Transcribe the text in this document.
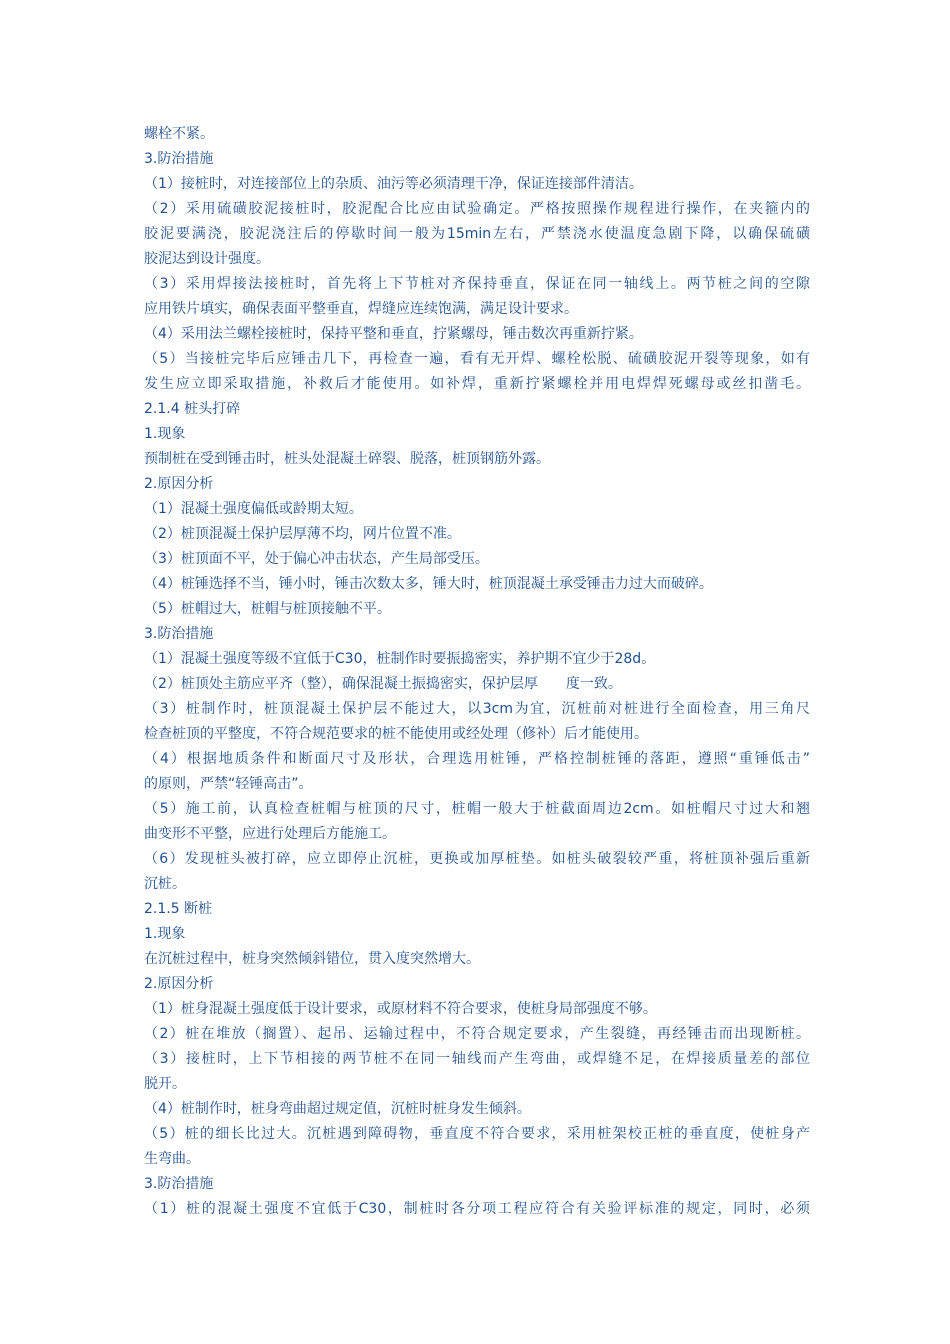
螺栓不紧。
3.防治措施
（1）接桩时，对连接部位上的杂质、油污等必须清理干净，保证连接部件清洁。
（2）采用硫磺胶泥接桩时，胶泥配合比应由试验确定。严格按照操作规程进行操作，在夹箍内的
胶泥要满浇，胶泥浇注后的停歇时间一般为15min左右，严禁浇水使温度急剧下降，以确保硫磺
胶泥达到设计强度。
（3）采用焊接法接桩时，首先将上下节桩对齐保持垂直，保证在同一轴线上。两节桩之间的空隙
应用铁片填实，确保表面平整垂直，焊缝应连续饱满，满足设计要求。
（4）采用法兰螺栓接桩时，保持平整和垂直，拧紧螺母，锤击数次再重新拧紧。
（5）当接桩完毕后应锤击几下，再检查一遍，看有无开焊、螺栓松脱、硫磺胶泥开裂等现象，如有
发生应立即采取措施，补救后才能使用。如补焊，重新拧紧螺栓并用电焊焊死螺母或丝扣凿毛。
2.1.4 桩头打碎
1.现象
预制桩在受到锤击时，桩头处混凝土碎裂、脱落，桩顶钢筋外露。
2.原因分析
（1）混凝土强度偏低或龄期太短。
（2）桩顶混凝土保护层厚薄不均，网片位置不准。
（3）桩顶面不平，处于偏心冲击状态，产生局部受压。
（4）桩锤选择不当，锤小时，锤击次数太多，锤大时，桩顶混凝土承受锤击力过大而破碎。
（5）桩帽过大，桩帽与桩顶接触不平。
3.防治措施
（1）混凝土强度等级不宜低于C30，桩制作时要振捣密实，养护期不宜少于28d。
（2）桩顶处主筋应平齐（整），确保混凝土振捣密实，保护层厚　　度一致。
（3）桩制作时，桩顶混凝土保护层不能过大，以3cm为宜，沉桩前对桩进行全面检查，用三角尺
检查桩顶的平整度，不符合规范要求的桩不能使用或经处理（修补）后才能使用。
（4）根据地质条件和断面尺寸及形状，合理选用桩锤，严格控制桩锤的落距，遵照“重锤低击”
的原则，严禁“轻锤高击”。
（5）施工前，认真检查桩帽与桩顶的尺寸，桩帽一般大于桩截面周边2cm。如桩帽尺寸过大和翘
曲变形不平整，应进行处理后方能施工。
（6）发现桩头被打碎，应立即停止沉桩，更换或加厚桩垫。如桩头破裂较严重，将桩顶补强后重新
沉桩。
2.1.5 断桩
1.现象
在沉桩过程中，桩身突然倾斜错位，贯入度突然增大。
2.原因分析
（1）桩身混凝土强度低于设计要求，或原材料不符合要求，使桩身局部强度不够。
（2）桩在堆放（搁置）、起吊、运输过程中，不符合规定要求，产生裂缝，再经锤击而出现断桩。
（3）接桩时，上下节相接的两节桩不在同一轴线而产生弯曲，或焊缝不足，在焊接质量差的部位
脱开。
（4）桩制作时，桩身弯曲超过规定值，沉桩时桩身发生倾斜。
（5）桩的细长比过大。沉桩遇到障碍物，垂直度不符合要求，采用桩架校正桩的垂直度，使桩身产
生弯曲。
3.防治措施
（1）桩的混凝土强度不宜低于C30，制桩时各分项工程应符合有关验评标准的规定，同时，必须
